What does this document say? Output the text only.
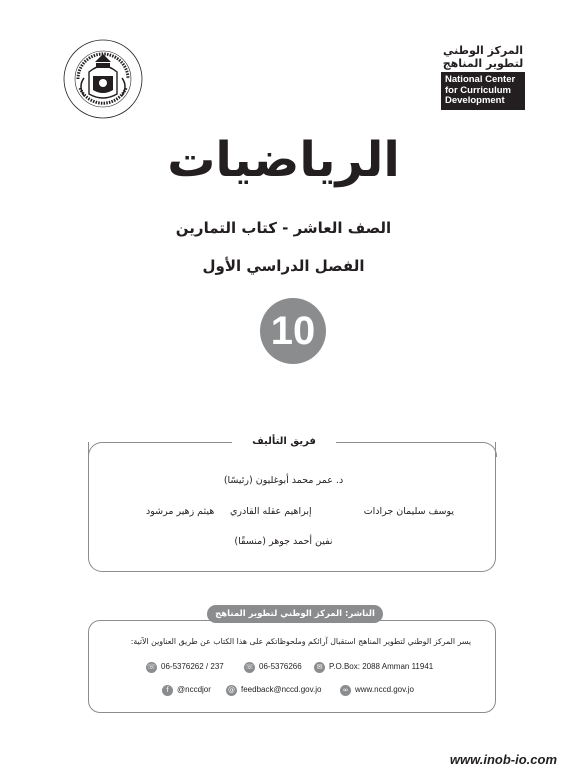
المركز الوطني
لتطوير المناهج
National Center
for Curriculum
Development
الرياضيات
الصف العاشر - كتاب التمارين
الفصل الدراسي الأول
10
فريق التأليف
د. عمر محمد أبوغليون (رئيسًا)
يوسف سليمان جرادات
إبراهيم عقله القادري
هيثم زهير مرشود
نفين أحمد جوهر (منسقًا)
الناشر: المركز الوطني لتطوير المناهج
يسر المركز الوطني لتطوير المناهج استقبال آرائكم وملحوظاتكم على هذا الكتاب عن طريق العناوين الآتية:
☏ 06-5376262 / 237	☏ 06-5376266	✉ P.O.Box: 2088 Amman 11941
f	@nccdjor @ feedback@nccd.gov.jo	∞ www.nccd.gov.jo
www.inob-io.com
